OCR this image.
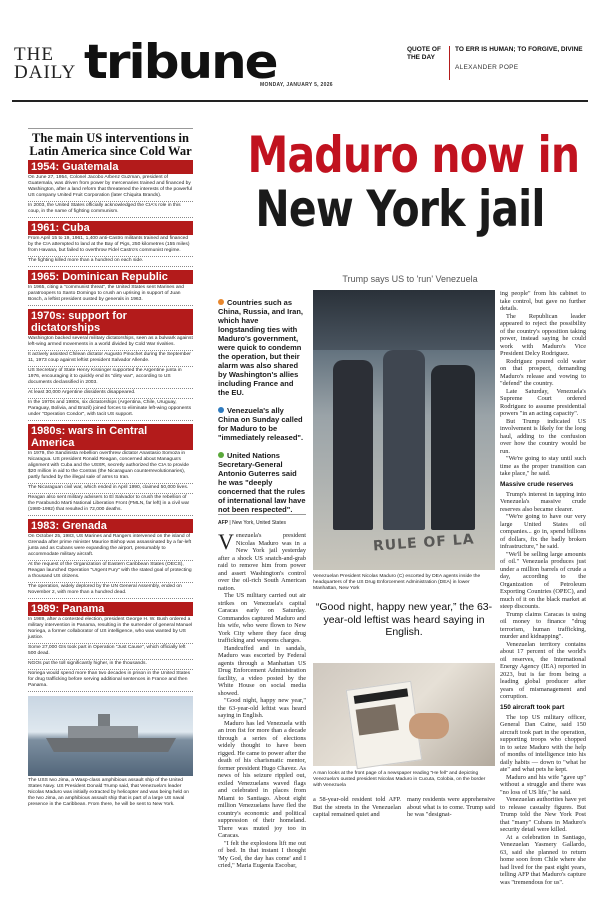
THE
DAILY tribune
MONDAY, JANUARY 5, 2026
QUOTE OF THE DAY
TO ERR IS HUMAN; TO FORGIVE, DIVINE
ALEXANDER POPE
The main US interventions in Latin America since Cold War
1954: Guatemala
On June 27, 1954, Colonel Jacobo Arbenz Guzman, president of Guatemala, was driven from power by mercenaries trained and financed by Washington, after a land reform that threatened the interests of the powerful US company United Fruit Corporation (later Chiquita Brands).
In 2003, the United States officially acknowledged the CIA's role in this coup, in the name of fighting communism.
1961: Cuba
From April 15 to 19, 1961, 1,400 anti-Castro militants trained and financed by the CIA attempted to land at the Bay of Pigs, 250 kilometres (155 miles) from Havana, but failed to overthrow Fidel Castro's communist regime.
The fighting killed more than a hundred on each side.
1965: Dominican Republic
In 1965, citing a "communist threat", the United States sent Marines and paratroopers to Santo Domingo to crush an uprising in support of Juan Bosch, a leftist president ousted by generals in 1963.
1970s: support for dictatorships
Washington backed several military dictatorships, seen as a bulwark against left-wing armed movements in a world divided by Cold War rivalries.
It actively assisted Chilean dictator Augusto Pinochet during the September 11, 1973 coup against leftist president Salvador Allende.
US Secretary of State Henry Kissinger supported the Argentine junta in 1976, encouraging it to quickly end its "dirty war", according to US documents declassified in 2003.
At least 30,000 Argentine dissidents disappeared.
In the 1970s and 1980s, six dictatorships (Argentina, Chile, Uruguay, Paraguay, Bolivia, and Brazil) joined forces to eliminate left-wing opponents under "Operation Condor", with tacit US support.
1980s: wars in Central America
In 1979, the Sandinista rebellion overthrew dictator Anastasio Somoza in Nicaragua. US president Ronald Reagan, concerned about Managua's alignment with Cuba and the USSR, secretly authorized the CIA to provide $20 million in aid to the Contras (the Nicaraguan counterrevolutionaries), partly funded by the illegal sale of arms to Iran.
The Nicaraguan civil war, which ended in April 1990, claimed 50,000 lives.
Reagan also sent military advisers to El Salvador to crush the rebellion of the Farabundo Marti National Liberation Front (FMLN, far left) in a civil war (1980-1992) that resulted in 72,000 deaths.
1983: Grenada
On October 25, 1983, US Marines and Rangers intervened on the island of Grenada after prime minister Maurice Bishop was assassinated by a far-left junta and as Cubans were expanding the airport, presumably to accommodate military aircraft.
At the request of the Organization of Eastern Caribbean States (OECS), Reagan launched Operation "Urgent Fury" with the stated goal of protecting a thousand US citizens.
The operation, widely deplored by the UN General Assembly, ended on November 2, with more than a hundred dead.
1989: Panama
In 1989, after a contested election, president George H. W. Bush ordered a military intervention in Panama, resulting in the surrender of general Manuel Noriega, a former collaborator of US intelligence, who was wanted by US justice.
Some 27,000 GIs took part in Operation "Just Cause", which officially left 500 dead.
NGOs put the toll significantly higher, in the thousands.
Noriega would spend more than two decades in prison in the United States for drug trafficking before serving additional sentences in France and then Panama.
The USS Iwo Jima, a Wasp-class amphibious assault ship of the United States Navy. US President Donald Trump said, that Venezuela's leader Nicolas Maduro was initially extracted by helicopter and was being held on the Iwo Jima, an amphibious assault ship that is part of a large US naval presence in the Caribbean. From there, he will be sent to New York.
Maduro now in
New York jail
Trump says US to 'run' Venezuela
Countries such as China, Russia, and Iran, which have longstanding ties with Maduro's government, were quick to condemn the operation, but their alarm was also shared by Washington's allies including France and the EU.
Venezuela's ally China on Sunday called for Maduro to be "immediately released".
United Nations Secretary-General Antonio Guterres said he was "deeply concerned that the rules of international law have not been respected".
AFP | New York, United States

Venezuela's president Nicolas Maduro was in a New York jail yesterday after a shock US snatch-and-grab raid to remove him from power and assert Washington's control over the oil-rich South American nation.

The US military carried out air strikes on Venezuela's capital Caracas early on Saturday. Commandos captured Maduro and his wife, who were flown to New York City where they face drug trafficking and weapons charges.

Handcuffed and in sandals, Maduro was escorted by Federal agents through a Manhattan US Drug Enforcement Administration facility, a video posted by the White House on social media showed.

"Good night, happy new year," the 63-year-old leftist was heard saying in English.

Maduro has led Venezuela with an iron fist for more than a decade through a series of elections widely thought to have been rigged. He came to power after the death of his charismatic mentor, former president Hugo Chavez. As news of his seizure rippled out, exiled Venezuelans waved flags and celebrated in places from Miami to Santiago. About eight million Venezuelans have fled the country's economic and political suppression of their homeland. There was muted joy too in Caracas.

"I felt the explosions lift me out of bed. In that instant I thought 'My God, the day has come' and I cried," Maria Eugenia Escobar,

RULE OF LA
Venezuelan President Nicolas Maduro (C) escorted by DEA agents inside the headquarters of the US Drug Enforcement Administration (DEA) in lower Manhattan, New York
“Good night, happy new year,” the 63-year-old leftist was heard saying in English.
A man looks at the front page of a newspaper reading "He fell" and depicting Venezuela's ousted president Nicolas Maduro in Cucuta, Colobia, on the border with Venezuela

a 58-year-old resident told AFP. But the streets in the Venezuelan capital remained quiet and

many residents were apprehensive about what is to come. Trump said he was "designat-

ing people" from his cabinet to take control, but gave no further details.

The Republican leader appeared to reject the possibility of the country's opposition taking power, instead saying he could work with Maduro's Vice President Delcy Rodriguez.

Rodriguez poured cold water on that prospect, demanding Maduro's release and vowing to "defend" the country.

Late Saturday, Venezuela's Supreme Court ordered Rodriguez to assume presidential powers "in an acting capacity".

But Trump indicated US involvement is likely for the long haul, adding to the confusion over how the country would be run.

"We're going to stay until such time as the proper transition can take place," he said.

Massive crude reserves

Trump's interest in tapping into Venezuela's massive crude reserves also became clearer.

"We're going to have our very large United States oil companies... go in, spend billions of dollars, fix the badly broken infrastructure," he said.

"We'll be selling large amounts of oil." Venezuela produces just under a million barrels of crude a day, according to the Organization of Petroleum Exporting Countries (OPEC), and much of it on the black market at steep discounts.

Trump claims Caracas is using oil money to finance "drug terrorism, human trafficking, murder and kidnapping".

Venezuelan territory contains about 17 percent of the world's oil reserves, the International Energy Agency (IEA) reported in 2023, but is far from being a leading global producer after years of mismanagement and corruption.

150 aircraft took part

The top US military officer, General Dan Caine, said 150 aircraft took part in the operation, supporting troops who chopped in to seize Maduro with the help of months of intelligence into his daily habits — down to "what he ate" and what pets he kept.

Maduro and his wife "gave up" without a struggle and there was "no loss of US life," he said.

Venezuelan authorities have yet to release casualty figures. But Trump told the New York Post that "many" Cubans in Maduro's security detail were killed.

At a celebration in Santiago, Venezuelan Yasmery Gallardo, 63, said she planned to return home soon from Chile where she had lived for the past eight years, telling AFP that Maduro's capture was "tremendous for us".
